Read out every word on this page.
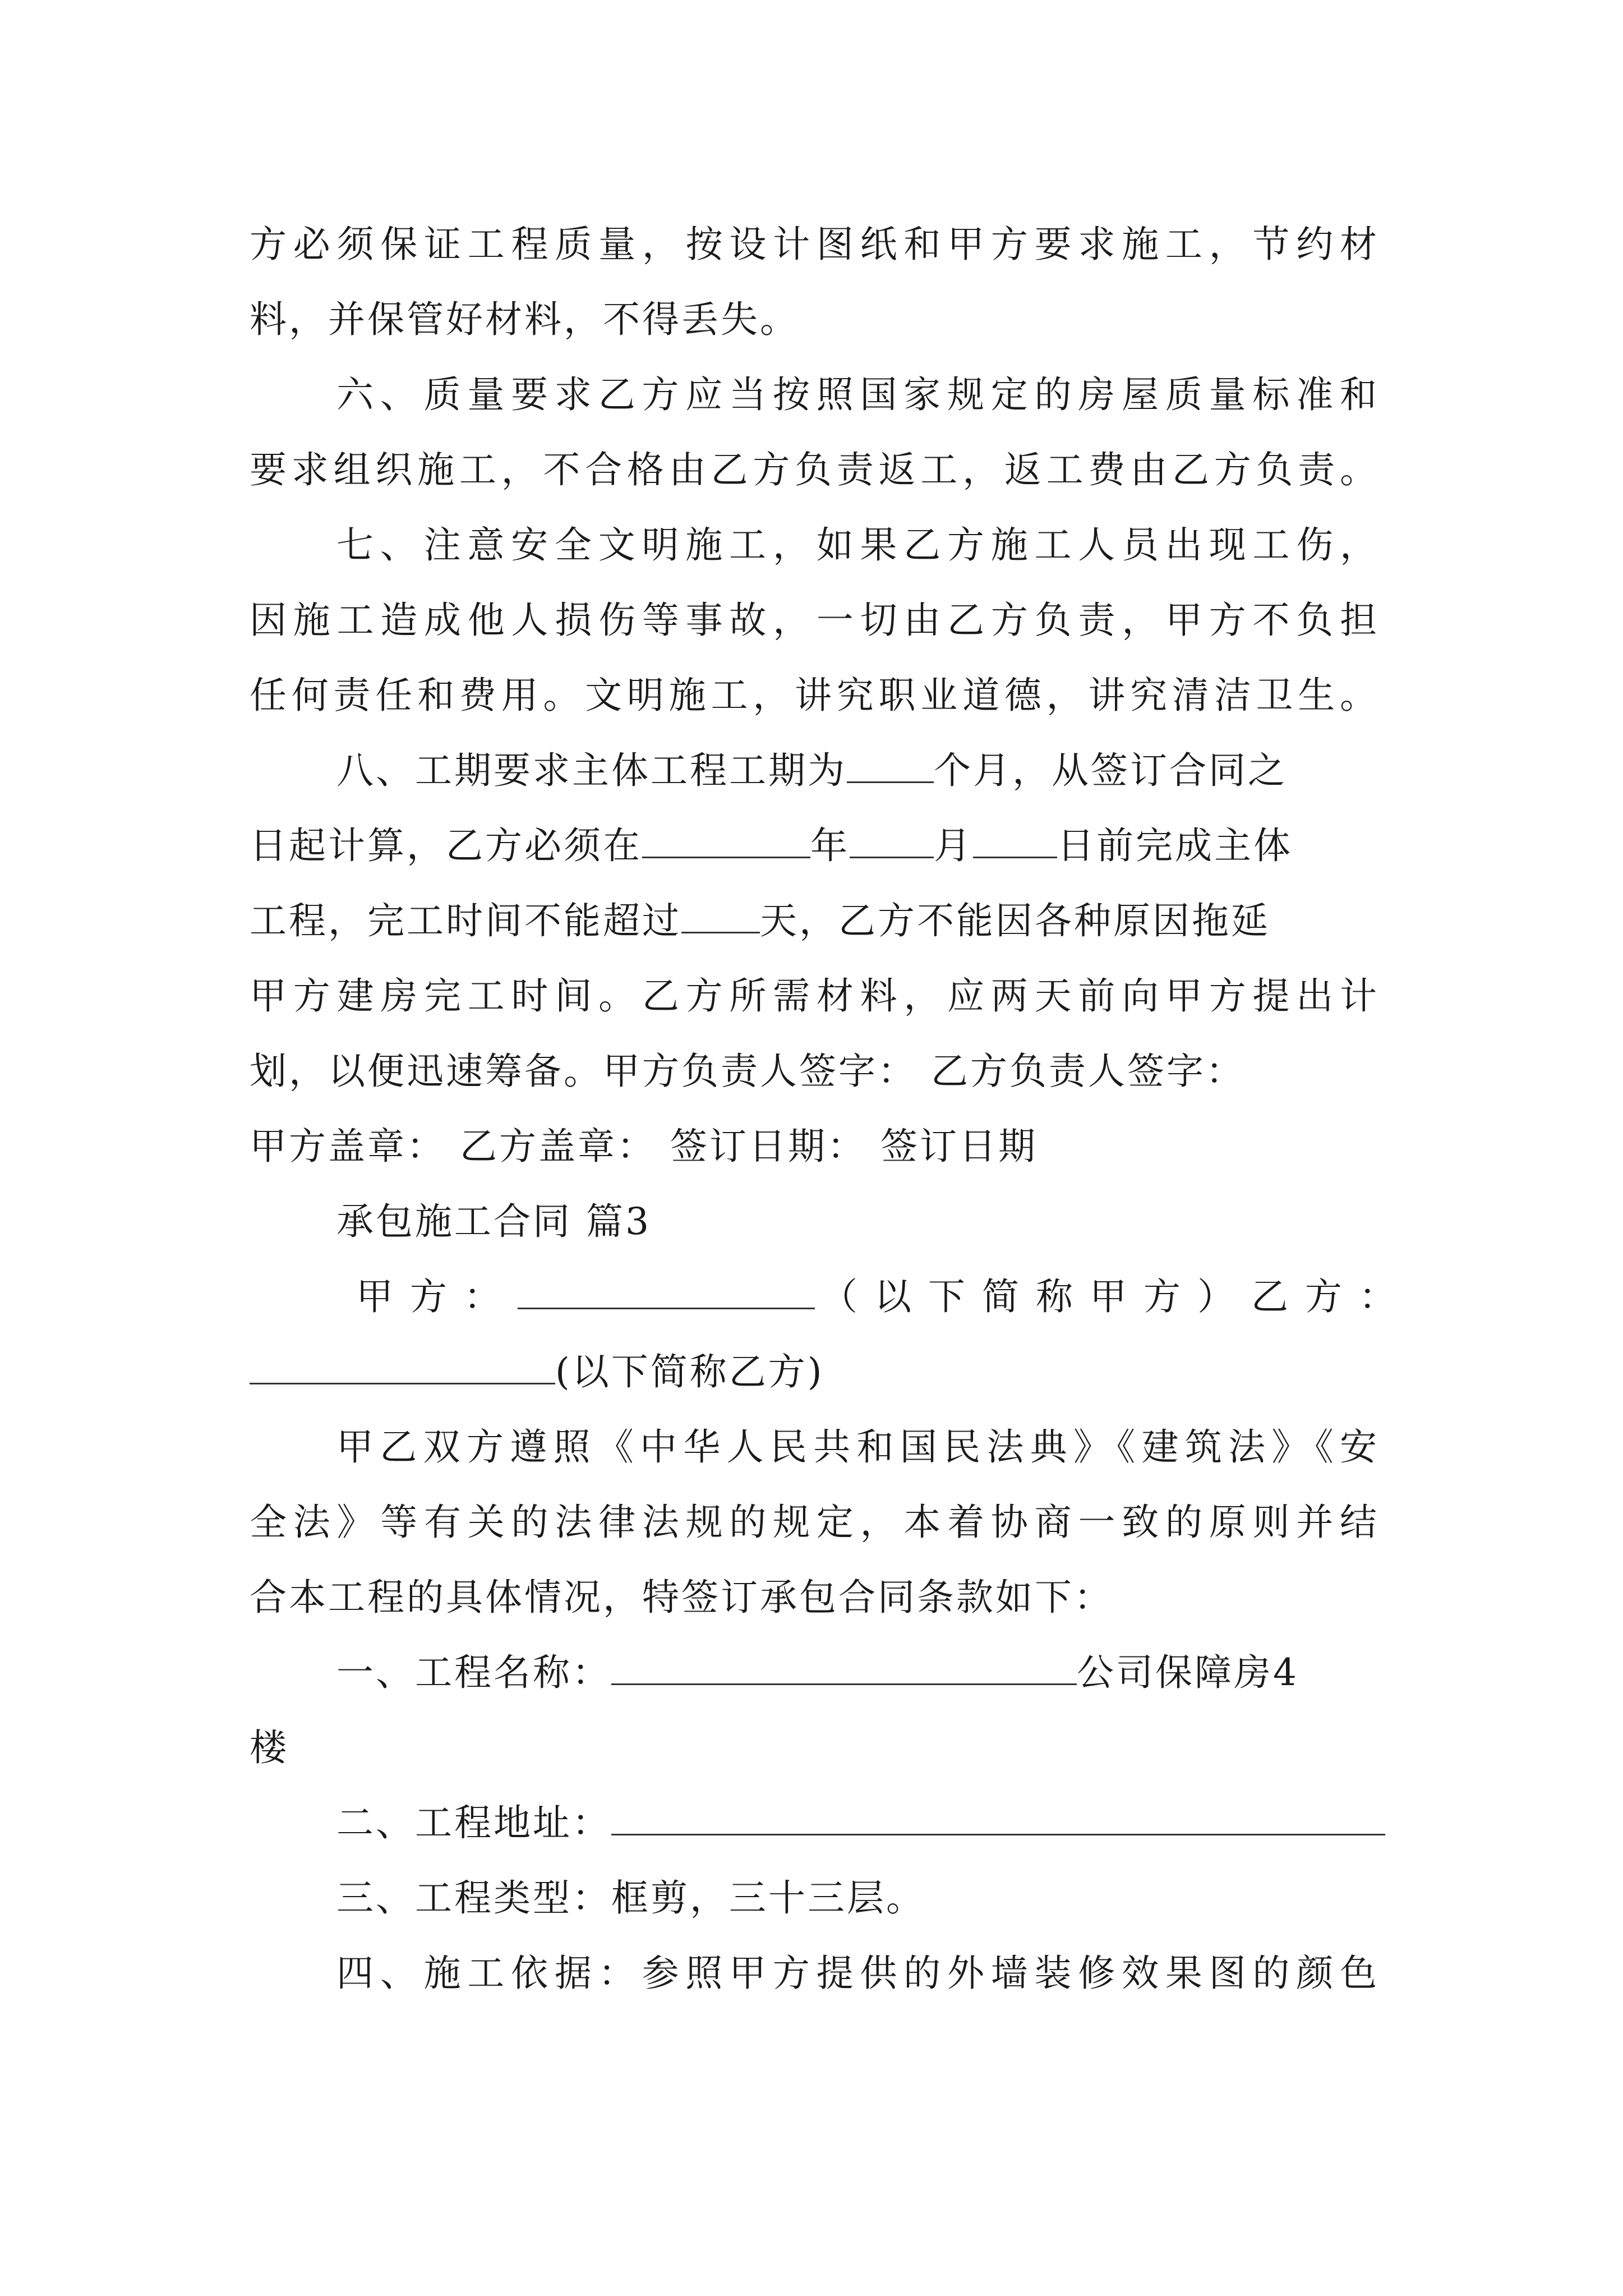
方必须保证工程质量，按设计图纸和甲方要求施工，节约材
料，并保管好材料，不得丢失。
六、质量要求乙方应当按照国家规定的房屋质量标准和
要求组织施工，不合格由乙方负责返工，返工费由乙方负责。
七、注意安全文明施工，如果乙方施工人员出现工伤，
因施工造成他人损伤等事故，一切由乙方负责，甲方不负担
任何责任和费用。文明施工，讲究职业道德，讲究清洁卫生。
八、工期要求主体工程工期为 个月，从签订合同之
日起计算，乙方必须在	年 月 日前完成主体
工程，完工时间不能超过 天，乙方不能因各种原因拖延
甲方建房完工时间。乙方所需材料，应两天前向甲方提出计
划，以便迅速筹备。甲方负责人签字： 乙方负责人签字：
甲方盖章： 乙方盖章： 签订日期： 签订日期
承包施工合同 篇3
甲方：	（以下简称甲方）乙方：
(以下简称乙方)
甲乙双方遵照《中华人民共和国民法典》《建筑法》《安
全法》等有关的法律法规的规定，本着协商一致的原则并结
合本工程的具体情况，特签订承包合同条款如下：
一、工程名称：	公司保障房4
楼
二、工程地址：
三、工程类型：框剪，三十三层。
四、施工依据：参照甲方提供的外墙装修效果图的颜色
